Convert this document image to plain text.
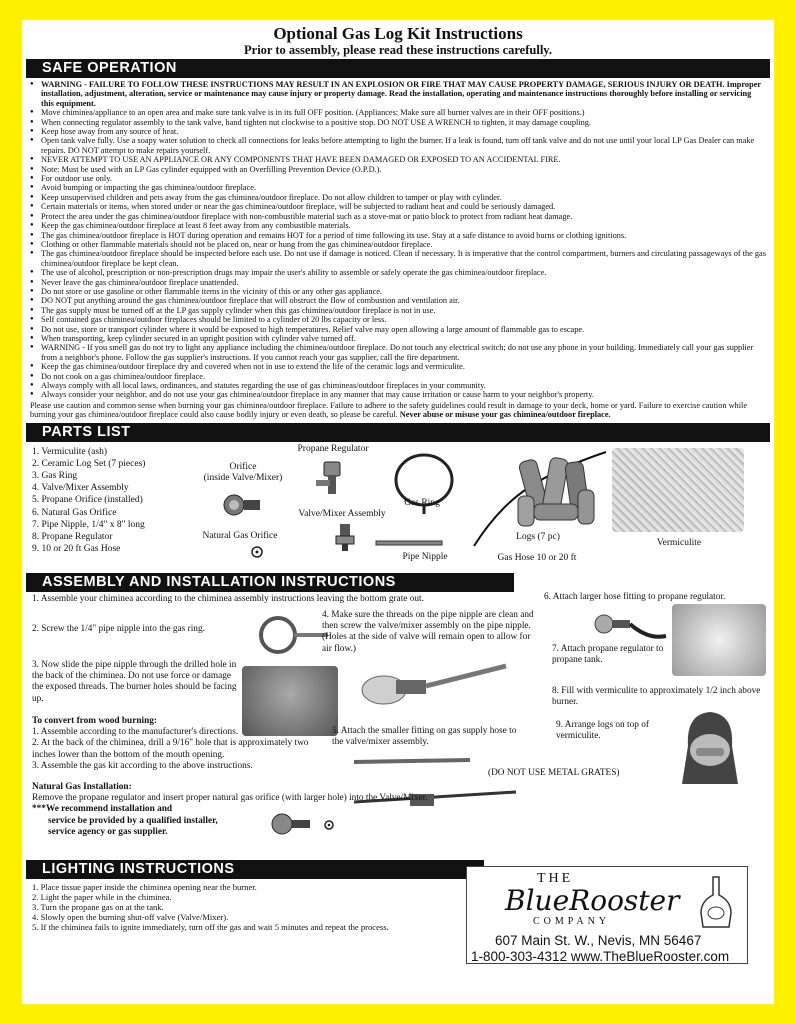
Optional Gas Log Kit Instructions
Prior to assembly, please read these instructions carefully.
SAFE OPERATION
● WARNING - FAILURE TO FOLLOW THESE INSTRUCTIONS MAY RESULT IN AN EXPLOSION OR FIRE THAT MAY CAUSE PROPERTY DAMAGE, SERIOUS INJURY OR DEATH. Improper installation, adjustment, alteration, service or maintenance may cause injury or property damage. Read the installation, operating and maintenance instructions thoroughly before installing or servicing this equipment.
● Move chiminea/appliance to an open area and make sure tank valve is in its full OFF position. (Appliances: Make sure all burner valves are in their OFF positions.)
● When connecting regulator assembly to the tank valve, hand tighten nut clockwise to a positive stop. DO NOT USE A WRENCH to tighten, it may damage coupling.
● Keep hose away from any source of heat.
● Open tank valve fully. Use a soapy water solution to check all connections for leaks before attempting to light the burner. If a leak is found, turn off tank valve and do not use until your local LP Gas Dealer can make repairs. DO NOT attempt to make repairs yourself.
● NEVER ATTEMPT TO USE AN APPLIANCE OR ANY COMPONENTS THAT HAVE BEEN DAMAGED OR EXPOSED TO AN ACCIDENTAL FIRE.
● Note: Must be used with an LP Gas cylinder equipped with an Overfilling Prevention Device (O.P.D.).
● For outdoor use only.
● Avoid bumping or impacting the gas chiminea/outdoor fireplace.
● Keep unsupervised children and pets away from the gas chiminea/outdoor fireplace. Do not allow children to tamper or play with cylinder.
● Certain materials or items, when stored under or near the gas chiminea/outdoor fireplace, will be subjected to radiant heat and could be seriously damaged.
● Protect the area under the gas chiminea/outdoor fireplace with non-combustible material such as a stove-mat or patio block to protect from radiant heat damage.
● Keep the gas chiminea/outdoor fireplace at least 8 feet away from any combustible materials.
● The gas chiminea/outdoor fireplace is HOT during operation and remains HOT for a period of time following its use. Stay at a safe distance to avoid burns or clothing ignitions.
● Clothing or other flammable materials should not be placed on, near or hung from the gas chiminea/outdoor fireplace.
● The gas chiminea/outdoor fireplace should be inspected before each use. Do not use if damage is noticed. Clean if necessary. It is imperative that the control compartment, burners and circulating passageways of the gas chiminea/outdoor fireplace be kept clean.
● The use of alcohol, prescription or non-prescription drugs may impair the user's ability to assemble or safely operate the gas chiminea/outdoor fireplace.
● Never leave the gas chiminea/outdoor fireplace unattended.
● Do not store or use gasoline or other flammable items in the vicinity of this or any other gas appliance.
● DO NOT put anything around the gas chiminea/outdoor fireplace that will obstruct the flow of combustion and ventilation air.
● The gas supply must be turned off at the LP gas supply cylinder when this gas chiminea/outdoor fireplace is not in use.
● Self contained gas chiminea/outdoor fireplaces should be limited to a cylinder of 20 lbs capacity or less.
● Do not use, store or transport cylinder where it would be exposed to high temperatures. Relief valve may open allowing a large amount of flammable gas to escape.
● When transporting, keep cylinder secured in an upright position with cylinder valve turned off.
● WARNING - If you smell gas do not try to light any appliance including the chiminea/outdoor fireplace. Do not touch any electrical switch; do not use any phone in your building. Immediately call your gas supplier from a neighbor's phone. Follow the gas supplier's instructions. If you cannot reach your gas supplier, call the fire department.
● Keep the gas chiminea/outdoor fireplace dry and covered when not in use to extend the life of the ceramic logs and vermiculite.
● Do not cook on a gas chiminea/outdoor fireplace.
● Always comply with all local laws, ordinances, and statutes regarding the use of gas chimineas/outdoor fireplaces in your community.
● Always consider your neighbor, and do not use your gas chiminea/outdoor fireplace in any manner that may cause irritation or cause harm to your neighbor's property.
Please use caution and common sense when burning your gas chiminea/outdoor fireplace. Failure to adhere to the safety guidelines could result in damage to your deck, home or yard. Failure to exercise caution while burning your gas chiminea/outdoor fireplace could also cause bodily injury or even death, so please be careful. Never abuse or misuse your gas chiminea/outdoor fireplace.
PARTS LIST
1. Vermiculite (ash)
2. Ceramic Log Set (7 pieces)
3. Gas Ring
4. Valve/Mixer Assembly
5. Propane Orifice (installed)
6. Natural Gas Orifice
7. Pipe Nipple, 1/4" x 8" long
8. Propane Regulator
9. 10 or 20 ft Gas Hose
Orifice
(inside Valve/Mixer)
Natural Gas Orifice
Propane Regulator
Valve/Mixer Assembly
Pipe Nipple
Gas Ring
Logs (7 pc)
Gas Hose 10 or 20 ft
Vermiculite
ASSEMBLY AND INSTALLATION INSTRUCTIONS
1. Assemble your chiminea according to the chiminea assembly instructions leaving the bottom grate out.
2. Screw the 1/4" pipe nipple into the gas ring.
3. Now slide the pipe nipple through the drilled hole in the back of the chiminea. Do not use force or damage the exposed threads. The burner holes should be facing up.
4. Make sure the threads on the pipe nipple are clean and then screw the valve/mixer assembly on the pipe nipple. (Holes at the side of valve will remain open to allow for air flow.)
5. Attach the smaller fitting on gas supply hose to the valve/mixer assembly.
To convert from wood burning:
1. Assemble according to the manufacturer's directions.
2. At the back of the chiminea, drill a 9/16" hole that is approximately two inches lower than the bottom of the mouth opening.
3. Assemble the gas kit according to the above instructions.
Natural Gas Installation:
Remove the propane regulator and insert proper natural gas orifice (with larger hole) into the Valve/Mixer.
***We recommend installation and
service be provided by a qualified installer,
service agency or gas supplier.
6. Attach larger hose fitting to propane regulator.
7. Attach propane regulator to propane tank.
8. Fill with vermiculite to approximately 1/2 inch above burner.
9. Arrange logs on top of vermiculite.
(DO NOT USE METAL GRATES)
LIGHTING INSTRUCTIONS
1. Place tissue paper inside the chiminea opening near the burner.
2. Light the paper while in the chiminea.
3. Turn the propane gas on at the tank.
4. Slowly open the burning shut-off valve (Valve/Mixer).
5. If the chiminea fails to ignite immediately, turn off the gas and wait 5 minutes and repeat the process.
THE
BlueRooster
COMPANY
607 Main St. W., Nevis, MN 56467
1-800-303-4312 www.TheBlueRooster.com
